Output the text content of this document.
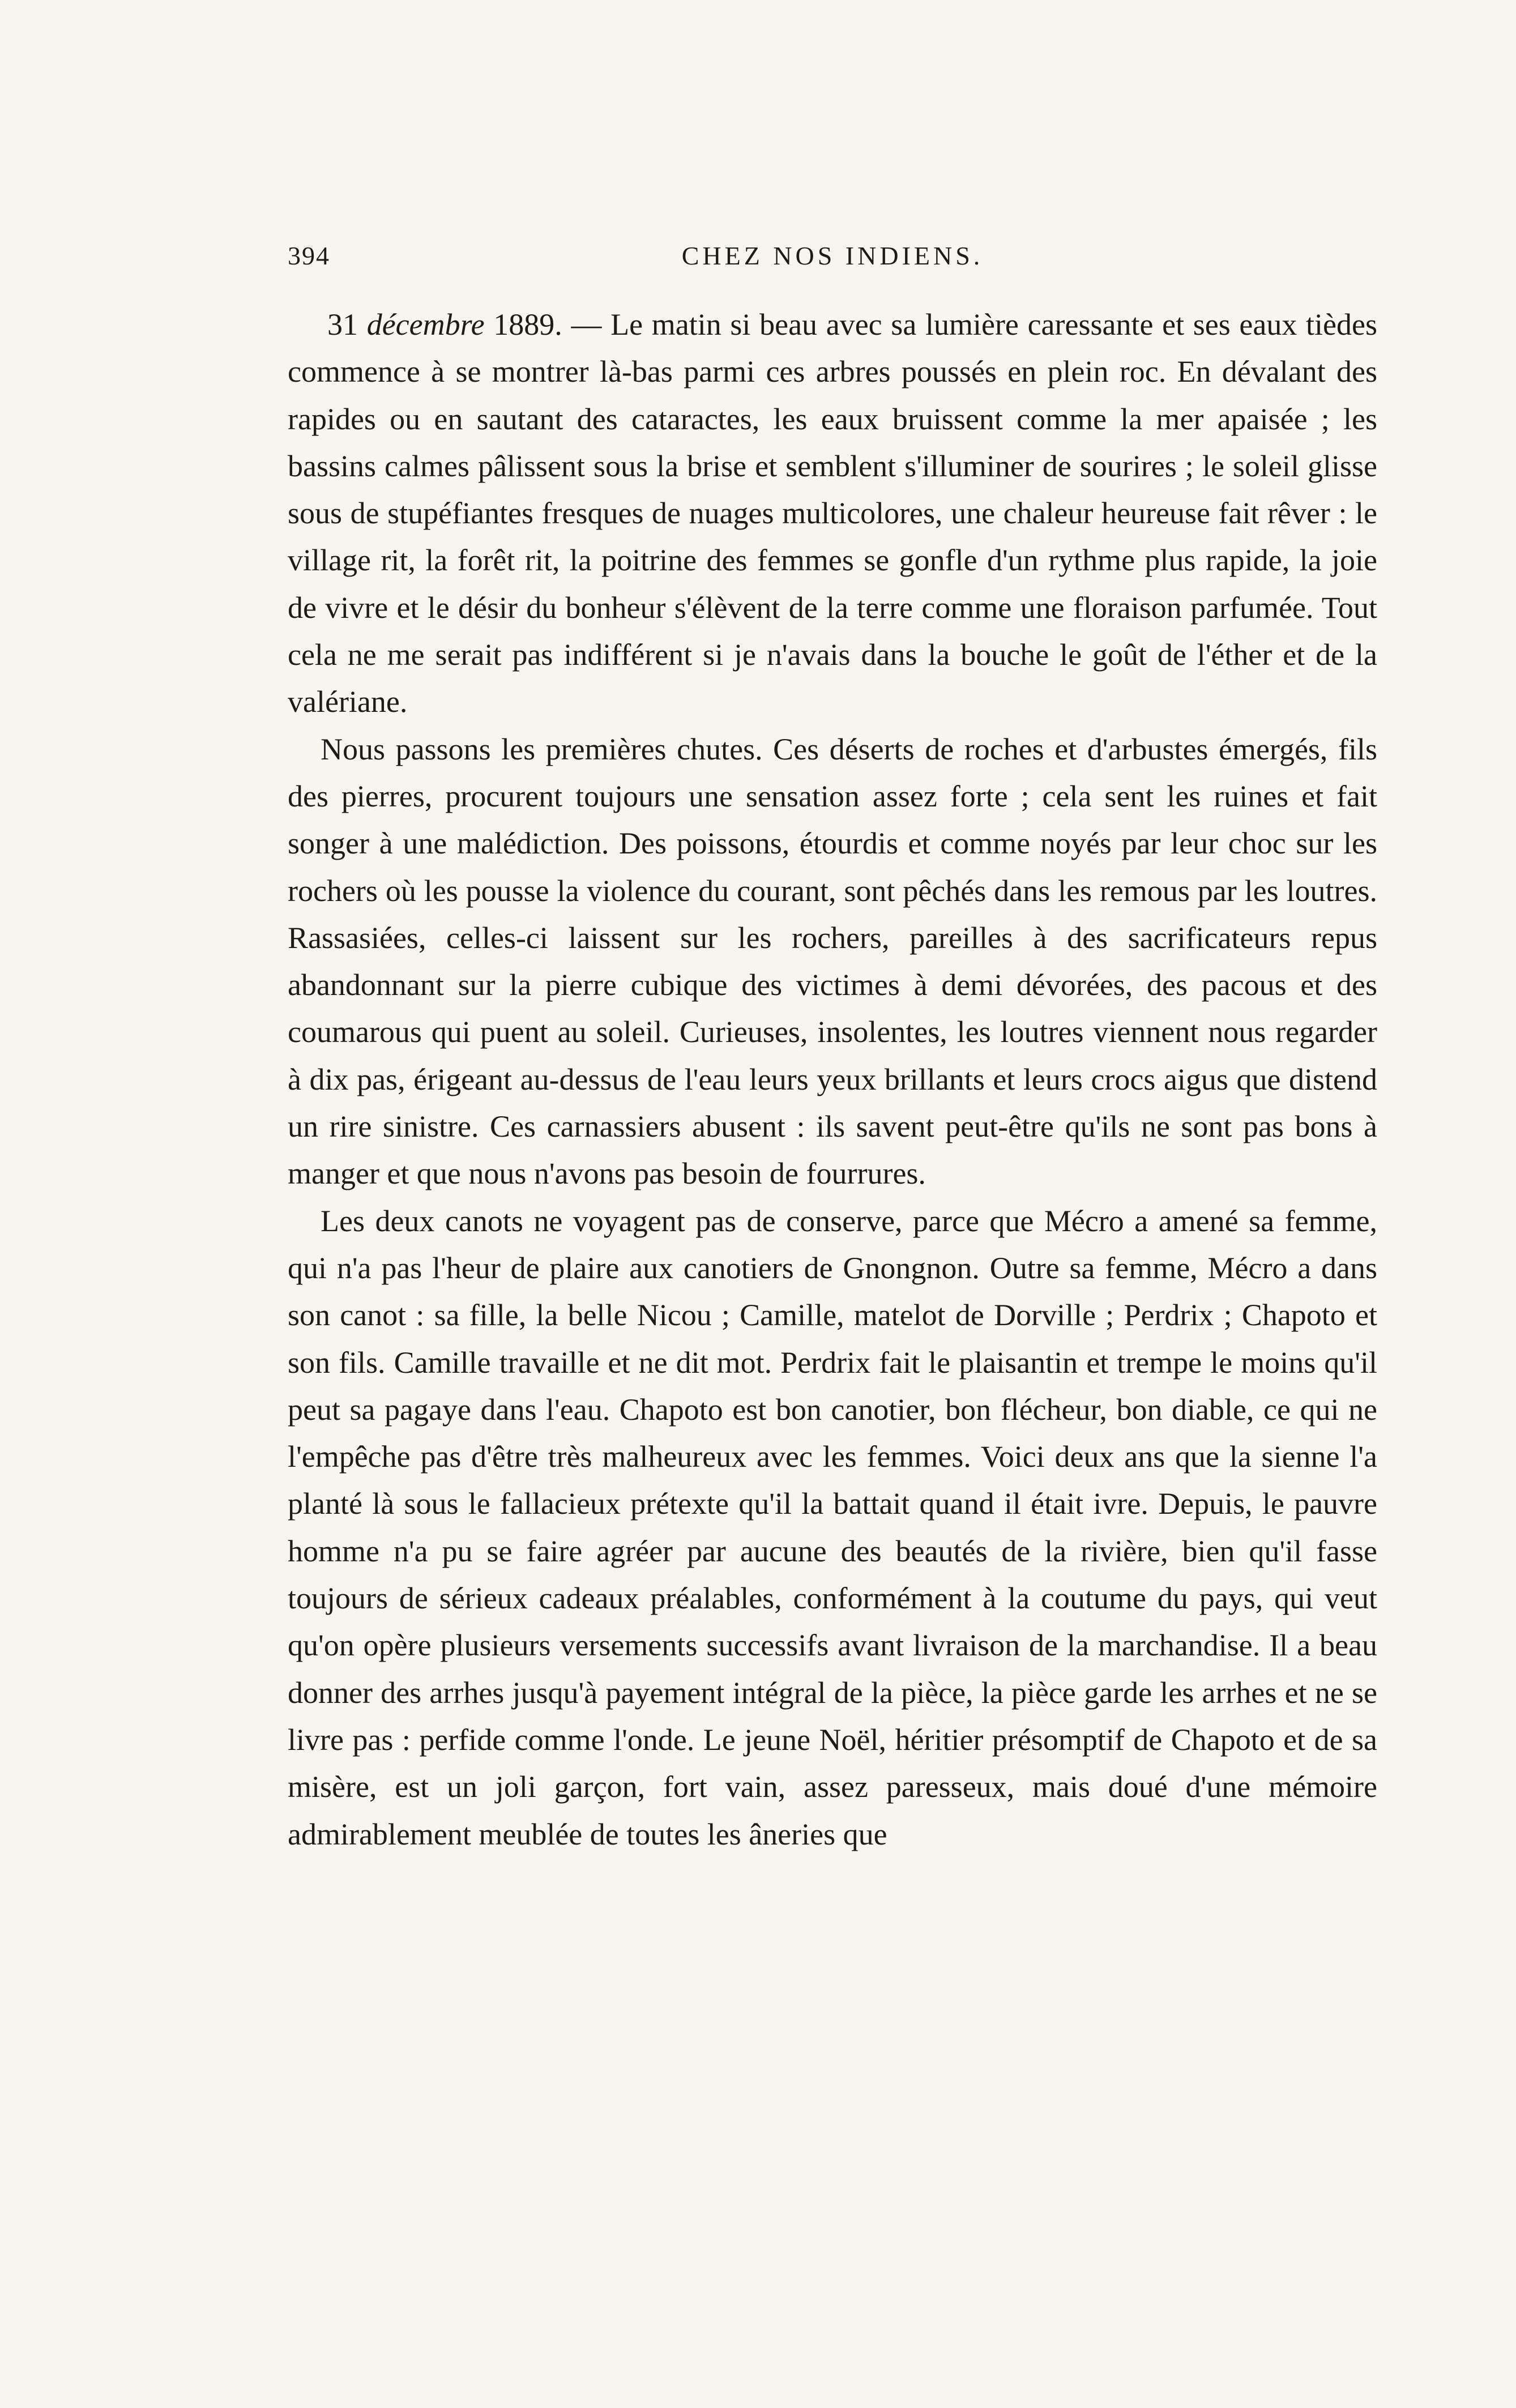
394	CHEZ NOS INDIENS.

31 décembre 1889. — Le matin si beau avec sa lumière caressante et ses eaux tièdes commence à se montrer là-bas parmi ces arbres poussés en plein roc. En dévalant des rapides ou en sautant des cataractes, les eaux bruissent comme la mer apaisée ; les bassins calmes pâlissent sous la brise et semblent s'illuminer de sourires ; le soleil glisse sous de stupéfiantes fresques de nuages multicolores, une chaleur heureuse fait rêver : le village rit, la forêt rit, la poitrine des femmes se gonfle d'un rythme plus rapide, la joie de vivre et le désir du bonheur s'élèvent de la terre comme une floraison parfumée. Tout cela ne me serait pas indifférent si je n'avais dans la bouche le goût de l'éther et de la valériane.

Nous passons les premières chutes. Ces déserts de roches et d'arbustes émergés, fils des pierres, procurent toujours une sensation assez forte ; cela sent les ruines et fait songer à une malédiction. Des poissons, étourdis et comme noyés par leur choc sur les rochers où les pousse la violence du courant, sont pêchés dans les remous par les loutres. Rassasiées, celles-ci laissent sur les rochers, pareilles à des sacrificateurs repus abandonnant sur la pierre cubique des victimes à demi dévorées, des pacous et des coumarous qui puent au soleil. Curieuses, insolentes, les loutres viennent nous regarder à dix pas, érigeant au-dessus de l'eau leurs yeux brillants et leurs crocs aigus que distend un rire sinistre. Ces carnassiers abusent : ils savent peut-être qu'ils ne sont pas bons à manger et que nous n'avons pas besoin de fourrures.

Les deux canots ne voyagent pas de conserve, parce que Mécro a amené sa femme, qui n'a pas l'heur de plaire aux canotiers de Gnongnon. Outre sa femme, Mécro a dans son canot : sa fille, la belle Nicou ; Camille, matelot de Dorville ; Perdrix ; Chapoto et son fils. Camille travaille et ne dit mot. Perdrix fait le plaisantin et trempe le moins qu'il peut sa pagaye dans l'eau. Chapoto est bon canotier, bon flécheur, bon diable, ce qui ne l'empêche pas d'être très malheureux avec les femmes. Voici deux ans que la sienne l'a planté là sous le fallacieux prétexte qu'il la battait quand il était ivre. Depuis, le pauvre homme n'a pu se faire agréer par aucune des beautés de la rivière, bien qu'il fasse toujours de sérieux cadeaux préalables, conformément à la coutume du pays, qui veut qu'on opère plusieurs versements successifs avant livraison de la marchandise. Il a beau donner des arrhes jusqu'à payement intégral de la pièce, la pièce garde les arrhes et ne se livre pas : perfide comme l'onde. Le jeune Noël, héritier présomptif de Chapoto et de sa misère, est un joli garçon, fort vain, assez paresseux, mais doué d'une mémoire admirablement meublée de toutes les âneries que
